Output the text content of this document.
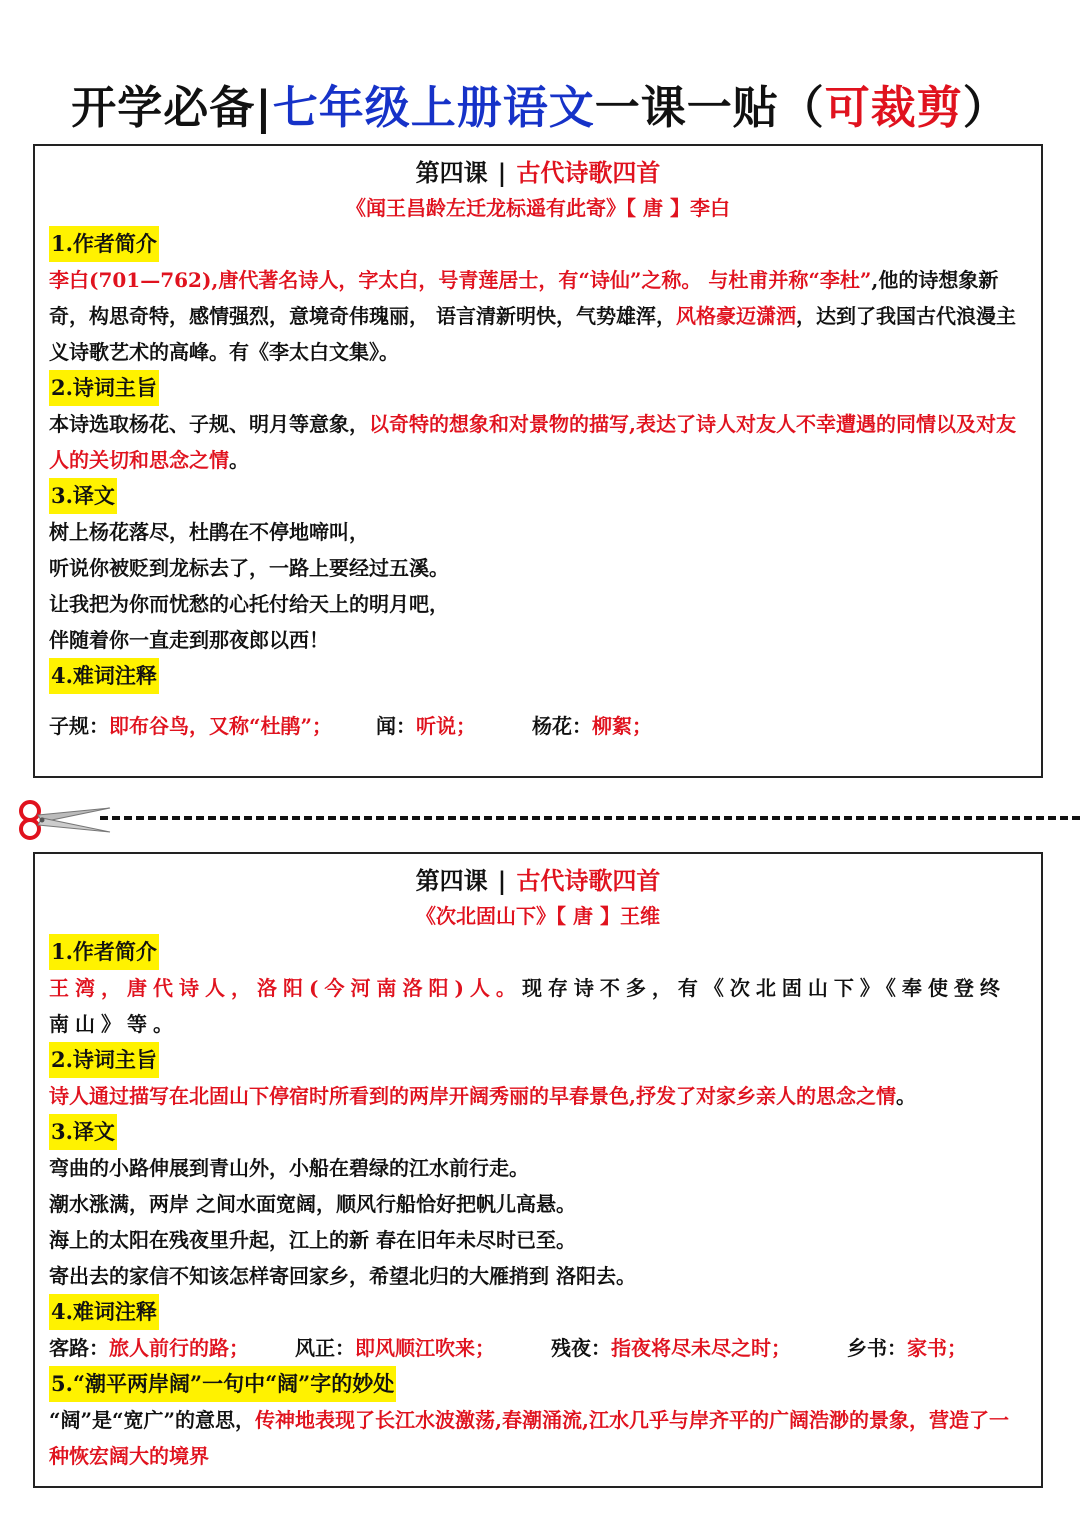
开学必备|七年级上册语文一课一贴（可裁剪）
第四课 | 古代诗歌四首
《闻王昌龄左迁龙标遥有此寄》【 唐 】李白
1.作者简介

李白(701—762),唐代著名诗人，字太白，号青莲居士，有“诗仙”之称。 与杜甫并称“李杜”,他的诗想象新奇，构思奇特，感情强烈，意境奇伟瑰丽， 语言清新明快，气势雄浑，风格豪迈潇洒，达到了我国古代浪漫主义诗歌艺术的高峰。有《李太白文集》。

2.诗词主旨

本诗选取杨花、子规、明月等意象，以奇特的想象和对景物的描写,表达了诗人对友人不幸遭遇的同情以及对友人的关切和思念之情。

3.译文

树上杨花落尽，杜鹃在不停地啼叫，

听说你被贬到龙标去了，一路上要经过五溪。

让我把为你而忧愁的心托付给天上的明月吧，

伴随着你一直走到那夜郎以西！

4.难词注释
子规：即布谷鸟，又称“杜鹃”； 闻：听说；	杨花：柳絮；
第四课 | 古代诗歌四首
《次北固山下》【 唐 】王维
1.作者简介

王湾，唐代诗人，洛阳(今河南洛阳)人。现存诗不多，有《次北固山下》《奉使登终南山》等。

2.诗词主旨

诗人通过描写在北固山下停宿时所看到的两岸开阔秀丽的早春景色,抒发了对家乡亲人的思念之情。

3.译文

弯曲的小路伸展到青山外，小船在碧绿的江水前行走。

潮水涨满，两岸 之间水面宽阔，顺风行船恰好把帆儿高悬。

海上的太阳在残夜里升起，江上的新 春在旧年未尽时已至。

寄出去的家信不知该怎样寄回家乡，希望北归的大雁捎到 洛阳去。

4.难词注释
客路：旅人前行的路； 风正：即风顺江吹来；	残夜：指夜将尽未尽之时；	乡书：家书；
5.“潮平两岸阔”一句中“阔”字的妙处

“阔”是“宽广”的意思，传神地表现了长江水波激荡,春潮涌流,江水几乎与岸齐平的广阔浩渺的景象，营造了一种恢宏阔大的境界
